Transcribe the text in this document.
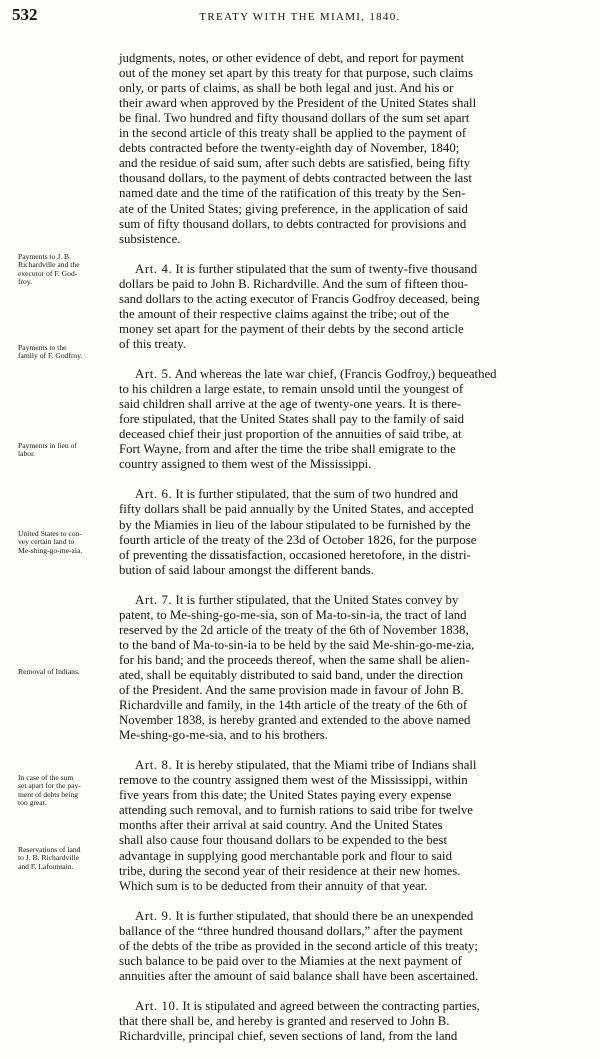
532	TREATY WITH THE MIAMI, 1840.
Payments to J. B.
Richardville and the
executor of F. God-
froy.
Payments to the
family of F. Godfroy.
Payments in lieu of
labor.
United States to con-
vey certain land to
Me-shing-go-me-zia.
Removal of Indians.
In case of the sum
set apart for the pay-
ment of debts being
too great.
Reservations of land
to J. B. Richardville
and F. Lafountain.

judgments, notes, or other evidence of debt, and report for payment
out of the money set apart by this treaty for that purpose, such claims
only, or parts of claims, as shall be both legal and just. And his or
their award when approved by the President of the United States shall
be final. Two hundred and fifty thousand dollars of the sum set apart
in the second article of this treaty shall be applied to the payment of
debts contracted before the twenty-eighth day of November, 1840;
and the residue of said sum, after such debts are satisfied, being fifty
thousand dollars, to the payment of debts contracted between the last
named date and the time of the ratification of this treaty by the Sen-
ate of the United States; giving preference, in the application of said
sum of fifty thousand dollars, to debts contracted for provisions and
subsistence.

Art. 4. It is further stipulated that the sum of twenty-five thousand
dollars be paid to John B. Richardville. And the sum of fifteen thou-
sand dollars to the acting executor of Francis Godfroy deceased, being
the amount of their respective claims against the tribe; out of the
money set apart for the payment of their debts by the second article
of this treaty.

Art. 5. And whereas the late war chief, (Francis Godfroy,) bequeathed
to his children a large estate, to remain unsold until the youngest of
said children shall arrive at the age of twenty-one years. It is there-
fore stipulated, that the United States shall pay to the family of said
deceased chief their just proportion of the annuities of said tribe, at
Fort Wayne, from and after the time the tribe shall emigrate to the
country assigned to them west of the Mississippi.

Art. 6. It is further stipulated, that the sum of two hundred and
fifty dollars shall be paid annually by the United States, and accepted
by the Miamies in lieu of the labour stipulated to be furnished by the
fourth article of the treaty of the 23d of October 1826, for the purpose
of preventing the dissatisfaction, occasioned heretofore, in the distri-
bution of said labour amongst the different bands.

Art. 7. It is further stipulated, that the United States convey by
patent, to Me-shing-go-me-sia, son of Ma-to-sin-ia, the tract of land
reserved by the 2d article of the treaty of the 6th of November 1838,
to the band of Ma-to-sin-ia to be held by the said Me-shin-go-me-zia,
for his band; and the proceeds thereof, when the same shall be alien-
ated, shall be equitably distributed to said band, under the direction
of the President. And the same provision made in favour of John B.
Richardville and family, in the 14th article of the treaty of the 6th of
November 1838, is hereby granted and extended to the above named
Me-shing-go-me-sia, and to his brothers.

Art. 8. It is hereby stipulated, that the Miami tribe of Indians shall
remove to the country assigned them west of the Mississippi, within
five years from this date; the United States paying every expense
attending such removal, and to furnish rations to said tribe for twelve
months after their arrival at said country. And the United States
shall also cause four thousand dollars to be expended to the best
advantage in supplying good merchantable pork and flour to said
tribe, during the second year of their residence at their new homes.
Which sum is to be deducted from their annuity of that year.

Art. 9. It is further stipulated, that should there be an unexpended
ballance of the “three hundred thousand dollars,” after the payment
of the debts of the tribe as provided in the second article of this treaty;
such balance to be paid over to the Miamies at the next payment of
annuities after the amount of said balance shall have been ascertained.

Art. 10. It is stipulated and agreed between the contracting parties,
that there shall be, and hereby is granted and reserved to John B.
Richardville, principal chief, seven sections of land, from the land
